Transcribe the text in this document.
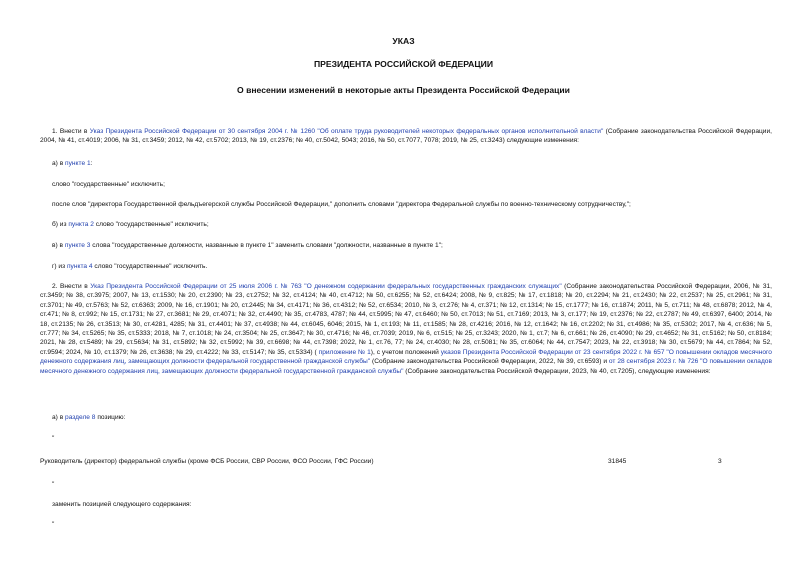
УКАЗ
ПРЕЗИДЕНТА РОССИЙСКОЙ ФЕДЕРАЦИИ
О внесении изменений в некоторые акты Президента Российской Федерации
1. Внести в Указ Президента Российской Федерации от 30 сентября 2004 г. № 1260 "Об оплате труда руководителей некоторых федеральных органов исполнительной власти" (Собрание законодательства Российской Федерации, 2004, № 41, ст.4019; 2006, № 31, ст.3459; 2012, № 42, ст.5702; 2013, № 19, ст.2376; № 40, ст.5042, 5043; 2016, № 50, ст.7077, 7078; 2019, № 25, ст.3243) следующие изменения:
а) в пункте 1:
слово "государственные" исключить;
после слов "директора Государственной фельдъегерской службы Российской Федерации," дополнить словами "директора Федеральной службы по военно-техническому сотрудничеству,";
б) из пункта 2 слово "государственные" исключить;
в) в пункте 3 слова "государственные должности, названные в пункте 1" заменить словами "должности, названные в пункте 1";
г) из пункта 4 слово "государственные" исключить.
2. Внести в Указ Президента Российской Федерации от 25 июля 2006 г. № 763 "О денежном содержании федеральных государственных гражданских служащих" (Собрание законодательства Российской Федерации, 2006, № 31, ст.3459; № 38, ст.3975; 2007, № 13, ст.1530; № 20, ст.2390; № 23, ст.2752; № 32, ст.4124; № 40, ст.4712; № 50, ст.6255; № 52, ст.6424; 2008, № 9, ст.825; № 17, ст.1818; № 20, ст.2294; № 21, ст.2430; № 22, ст.2537; № 25, ст.2961; № 31, ст.3701; № 49, ст.5763; № 52, ст.6363; 2009, № 16, ст.1901; № 20, ст.2445; № 34, ст.4171; № 36, ст.4312; № 52, ст.6534; 2010, № 3, ст.276; № 4, ст.371; № 12, ст.1314; № 15, ст.1777; № 16, ст.1874; 2011, № 5, ст.711; № 48, ст.6878; 2012, № 4, ст.471; № 8, ст.992; № 15, ст.1731; № 27, ст.3681; № 29, ст.4071; № 32, ст.4490; № 35, ст.4783, 4787; № 44, ст.5995; № 47, ст.6460; № 50, ст.7013; № 51, ст.7169; 2013, № 3, ст.177; № 19, ст.2376; № 22, ст.2787; № 49, ст.6397, 6400; 2014, № 18, ст.2135; № 26, ст.3513; № 30, ст.4281, 4285; № 31, ст.4401; № 37, ст.4938; № 44, ст.6045, 6046; 2015, № 1, ст.193; № 11, ст.1585; № 28, ст.4216; 2016, № 12, ст.1642; № 16, ст.2202; № 31, ст.4986; № 35, ст.5302; 2017, № 4, ст.636; № 5, ст.777; № 34, ст.5265; № 35, ст.5333; 2018, № 7, ст.1018; № 24, ст.3504; № 25, ст.3647; № 30, ст.4716; № 46, ст.7039; 2019, № 6, ст.515; № 25, ст.3243; 2020, № 1, ст.7; № 6, ст.661; № 26, ст.4090; № 29, ст.4652; № 31, ст.5162; № 50, ст.8184; 2021, № 28, ст.5489; № 29, ст.5634; № 31, ст.5892; № 32, ст.5992; № 39, ст.6698; № 44, ст.7398; 2022, № 1, ст.76, 77; № 24, ст.4030; № 28, ст.5081; № 35, ст.6064; № 44, ст.7547; 2023, № 22, ст.3918; № 30, ст.5679; № 44, ст.7864; № 52, ст.9594; 2024, № 10, ст.1379; № 26, ст.3638; № 29, ст.4222; № 33, ст.5147; № 35, ст.5334) ( приложение № 1), с учетом положений указов Президента Российской Федерации от 23 сентября 2022 г. № 657 "О повышении окладов месячного денежного содержания лиц, замещающих должности федеральной государственной гражданской службы" (Собрание законодательства Российской Федерации, 2022, № 39, ст.6593) и от 28 сентября 2023 г. № 726 "О повышении окладов месячного денежного содержания лиц, замещающих должности федеральной государственной гражданской службы" (Собрание законодательства Российской Федерации, 2023, № 40, ст.7205), следующие изменения:
а) в разделе 8 позицию:
"
Руководитель (директор) федеральной службы (кроме ФСБ России, СВР России, ФСО России, ГФС России)	31845	3
"
заменить позицией следующего содержания:
"
